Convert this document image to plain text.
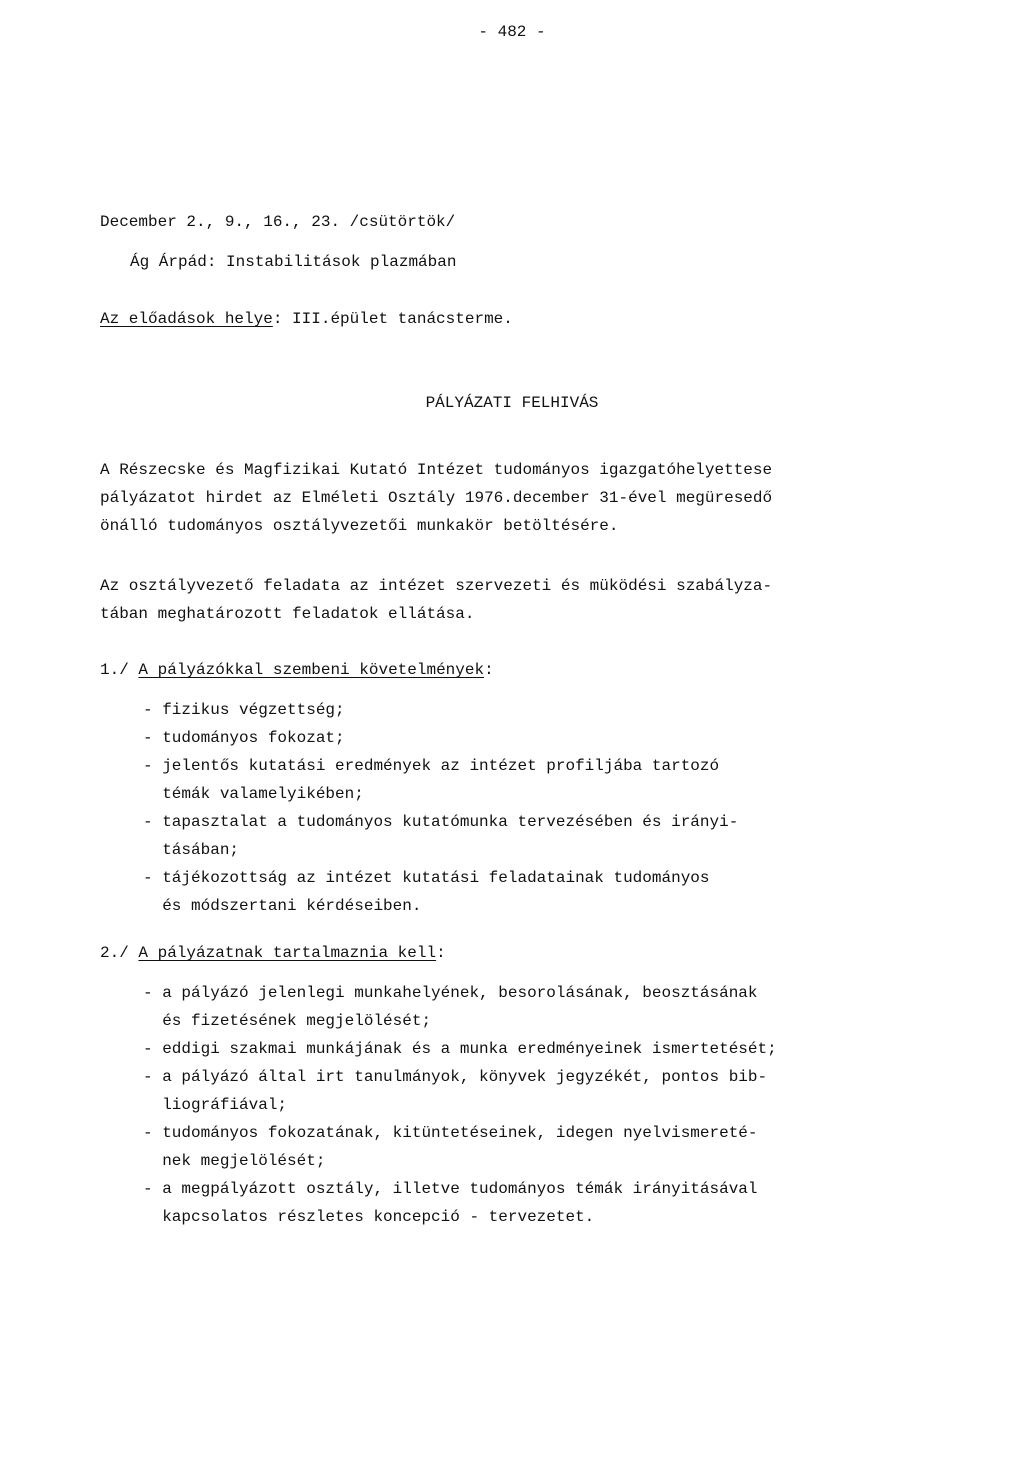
- 482 -
December 2., 9., 16., 23. /csütörtök/
Ág Árpád: Instabilitások plazmában
Az előadások helye: III.épület tanácsterme.
PÁLYÁZATI FELHIVÁS
A Részecske és Magfizikai Kutató Intézet tudományos igazgatóhelyettese
pályázatot hirdet az Elméleti Osztály 1976.december 31-ével megüresedő
önálló tudományos osztályvezetői munkakör betöltésére.
Az osztályvezető feladata az intézet szervezeti és müködési szabályza-
tában meghatározott feladatok ellátása.
1./ A pályázókkal szembeni követelmények:
- fizikus végzettség;
- tudományos fokozat;
- jelentős kutatási eredmények az intézet profiljába tartozó
témák valamelyikében;
- tapasztalat a tudományos kutatómunka tervezésében és irányi-
tásában;
- tájékozottság az intézet kutatási feladatainak tudományos
és módszertani kérdéseiben.
2./ A pályázatnak tartalmaznia kell:
- a pályázó jelenlegi munkahelyének, besorolásának, beosztásának
és fizetésének megjelölését;
- eddigi szakmai munkájának és a munka eredményeinek ismertetését;
- a pályázó által irt tanulmányok, könyvek jegyzékét, pontos bib-
liográfiával;
- tudományos fokozatának, kitüntetéseinek, idegen nyelvismereté-
nek megjelölését;
- a megpályázott osztály, illetve tudományos témák irányitásával
kapcsolatos részletes koncepció - tervezetet.
